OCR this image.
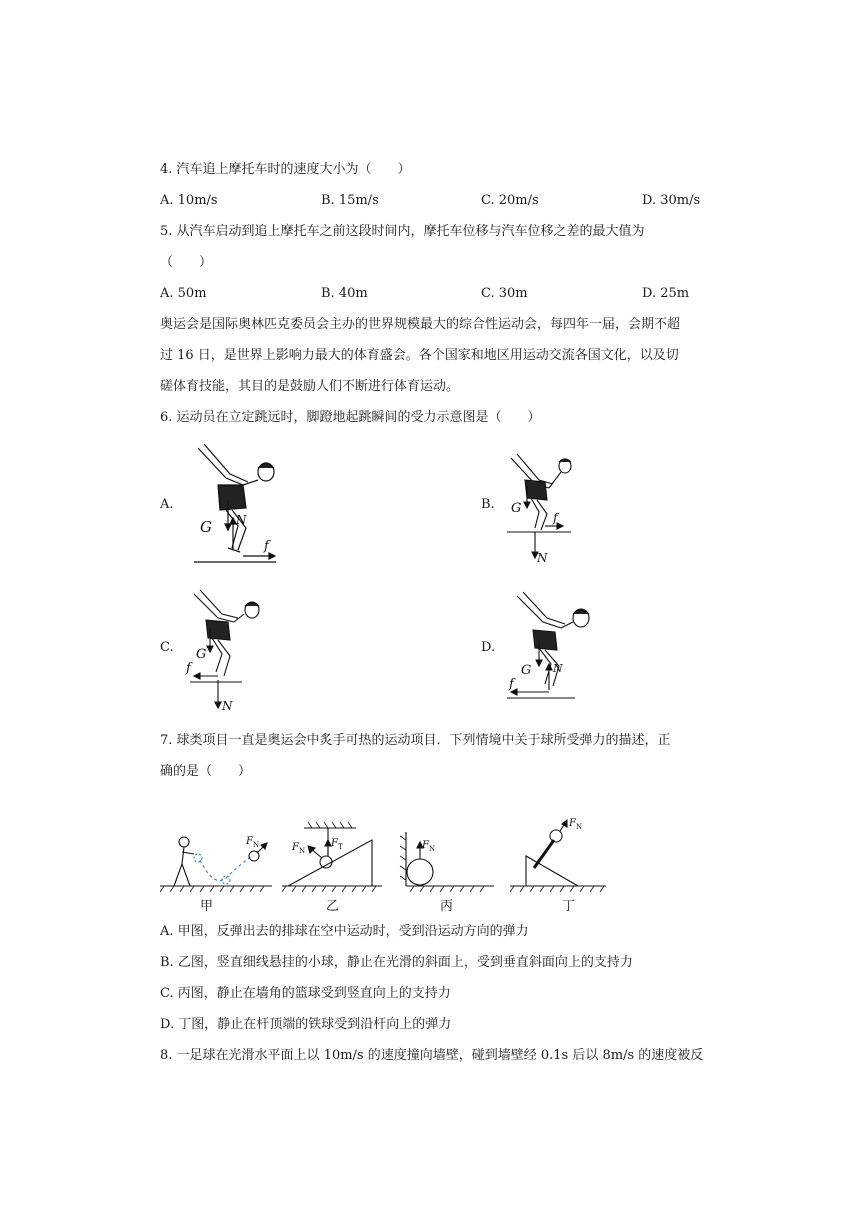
4. 汽车追上摩托车时的速度大小为（　　）
A. 10m/s	B. 15m/s	C. 20m/s	D. 30m/s
5. 从汽车启动到追上摩托车之前这段时间内，摩托车位移与汽车位移之差的最大值为
（　　）
A. 50m	B. 40m	C. 30m	D. 25m
奥运会是国际奥林匹克委员会主办的世界规模最大的综合性运动会，每四年一届，会期不超
过 16 日，是世界上影响力最大的体育盛会。各个国家和地区用运动交流各国文化，以及切
磋体育技能，其目的是鼓励人们不断进行体育运动。
6. 运动员在立定跳远时，脚蹬地起跳瞬间的受力示意图是（　　）
A.	B.
C.	D.
G N
f
G
N
f
G
N
f	G N
f
7. 球类项目一直是奥运会中炙手可热的运动项目．下列情境中关于球所受弹力的描述，正
确的是（　　）
F N	F N
F T	F N
F N
甲	乙	丙	丁
A. 甲图，反弹出去的排球在空中运动时，受到沿运动方向的弹力
B. 乙图，竖直细线悬挂的小球，静止在光滑的斜面上，受到垂直斜面向上的支持力
C. 丙图，静止在墙角的篮球受到竖直向上的支持力
D. 丁图，静止在杆顶端的铁球受到沿杆向上的弹力
8. 一足球在光滑水平面上以 10m/s 的速度撞向墙壁，碰到墙壁经 0.1s 后以 8m/s 的速度被反
